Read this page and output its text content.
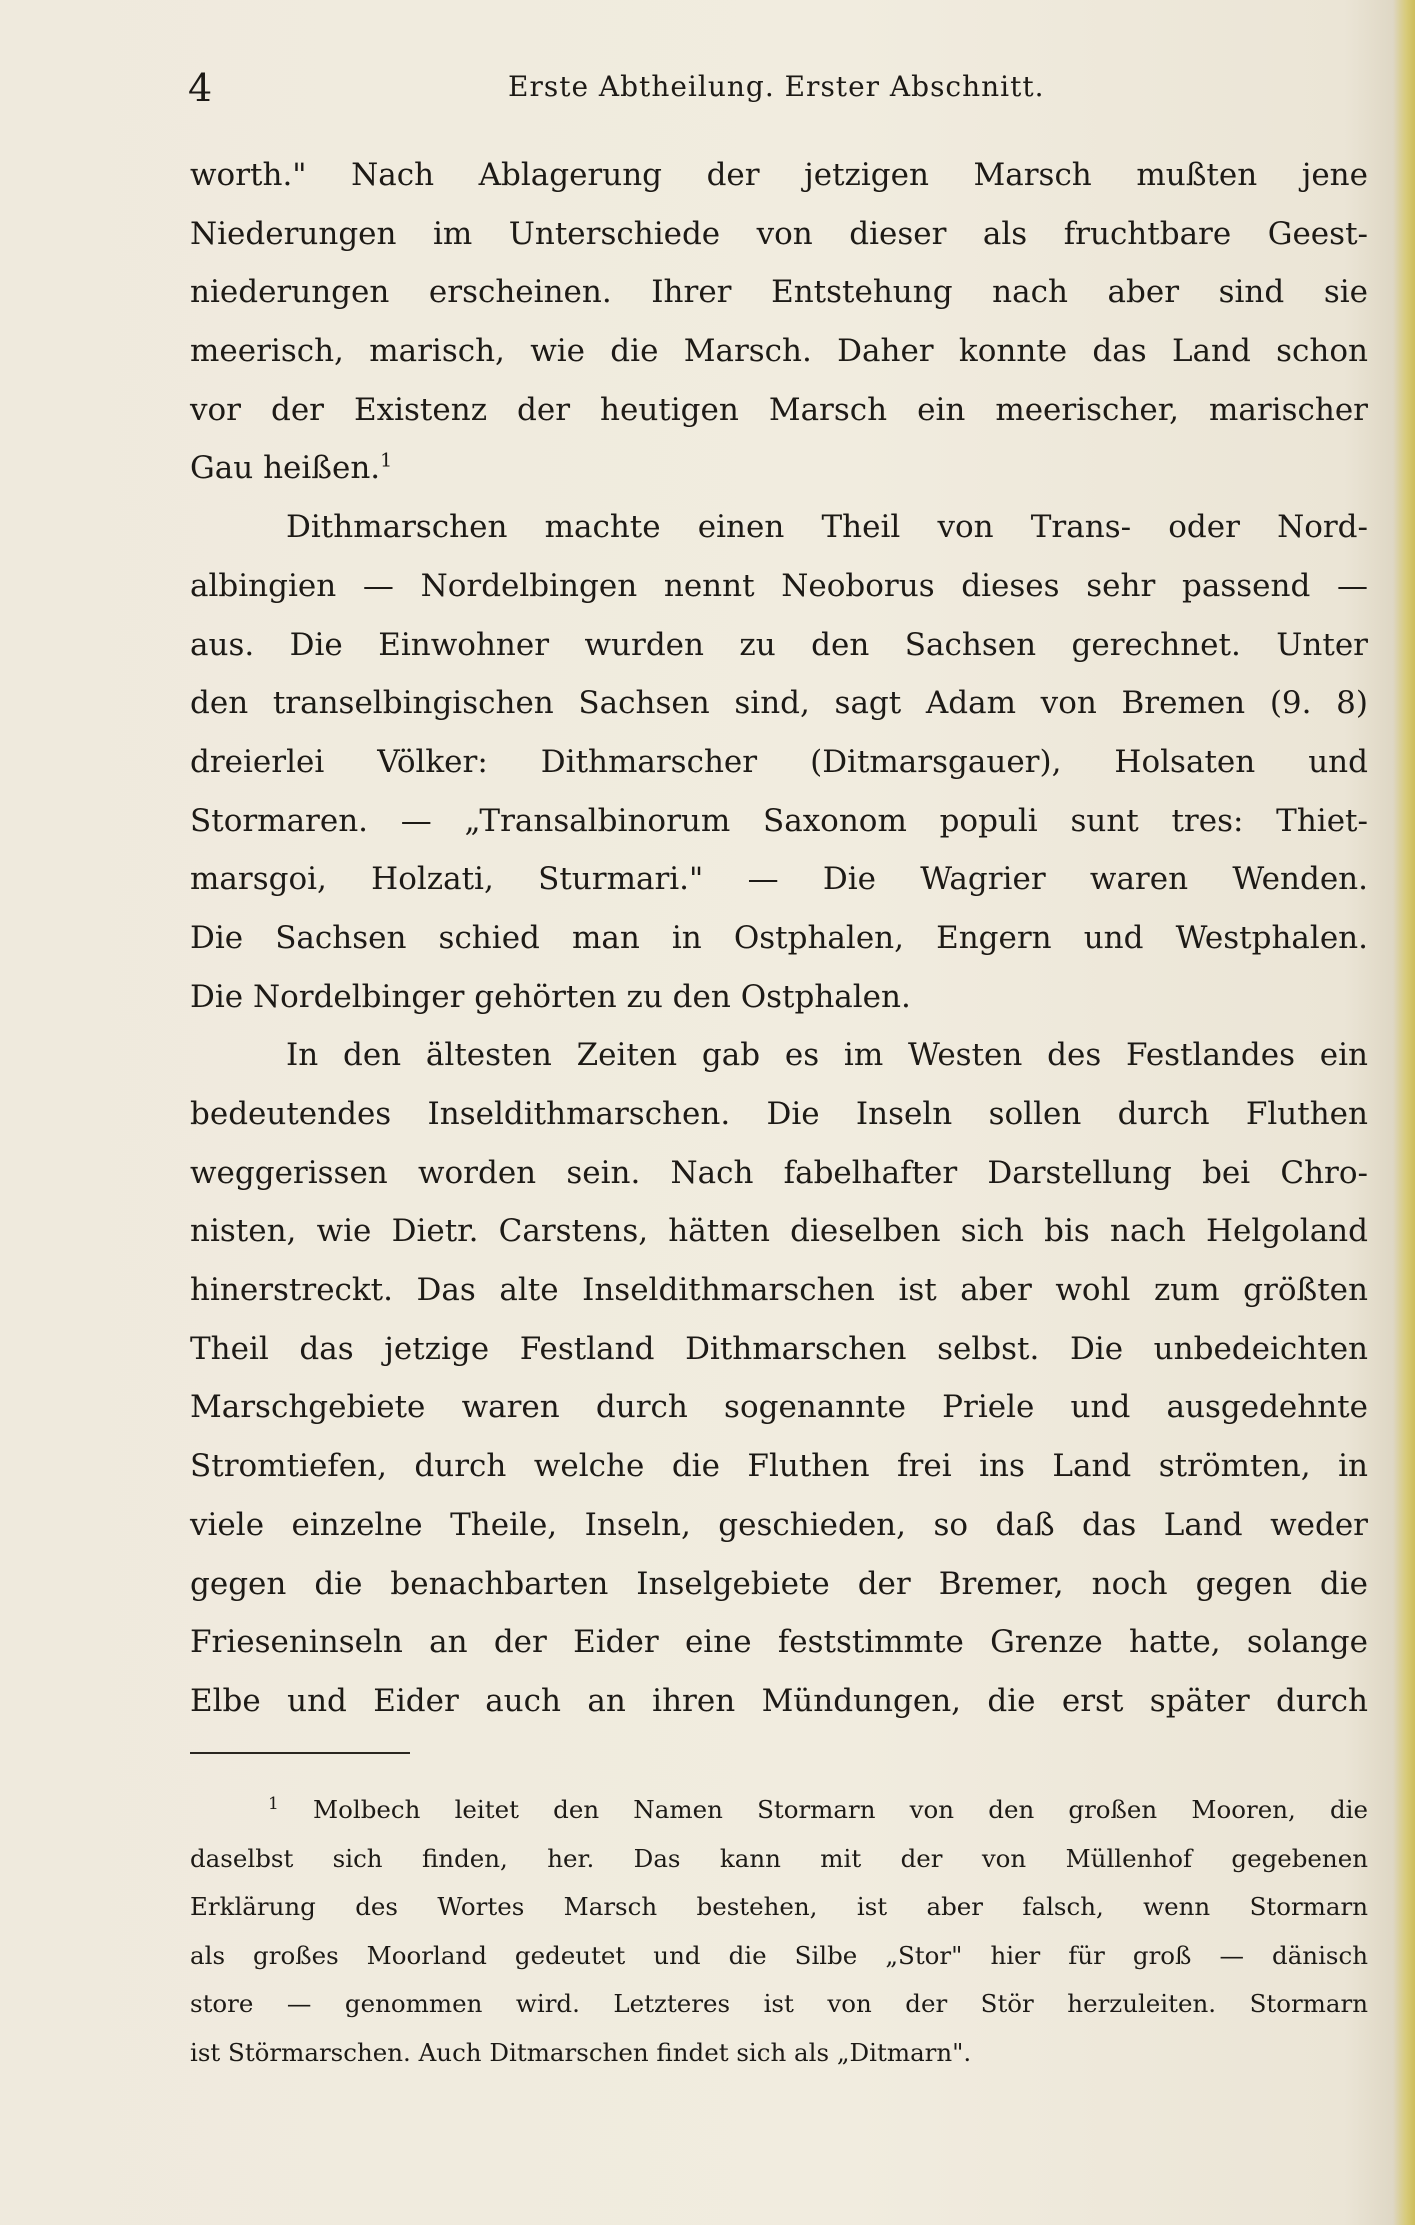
4	Erste Abtheilung. Erster Abschnitt.
worth." Nach Ablagerung der jetzigen Marsch mußten jene
Niederungen im Unterschiede von dieser als fruchtbare Geest-
niederungen erscheinen. Ihrer Entstehung nach aber sind sie
meerisch, marisch, wie die Marsch. Daher konnte das Land schon
vor der Existenz der heutigen Marsch ein meerischer, marischer
Gau heißen.$^1$
Dithmarschen machte einen Theil von Trans- oder Nord-
albingien — Nordelbingen nennt Neoborus dieses sehr passend —
aus. Die Einwohner wurden zu den Sachsen gerechnet. Unter
den transelbingischen Sachsen sind, sagt Adam von Bremen (9. 8)
dreierlei Völker: Dithmarscher (Ditmarsgauer), Holsaten und
Stormaren. — „Transalbinorum Saxonom populi sunt tres: Thiet-
marsgoi, Holzati, Sturmari." — Die Wagrier waren Wenden.
Die Sachsen schied man in Ostphalen, Engern und Westphalen.
Die Nordelbinger gehörten zu den Ostphalen.
In den ältesten Zeiten gab es im Westen des Festlandes ein
bedeutendes Inseldithmarschen. Die Inseln sollen durch Fluthen
weggerissen worden sein. Nach fabelhafter Darstellung bei Chro-
nisten, wie Dietr. Carstens, hätten dieselben sich bis nach Helgoland
hinerstreckt. Das alte Inseldithmarschen ist aber wohl zum größten
Theil das jetzige Festland Dithmarschen selbst. Die unbedeichten
Marschgebiete waren durch sogenannte Priele und ausgedehnte
Stromtiefen, durch welche die Fluthen frei ins Land strömten, in
viele einzelne Theile, Inseln, geschieden, so daß das Land weder
gegen die benachbarten Inselgebiete der Bremer, noch gegen die
Frieseninseln an der Eider eine feststimmte Grenze hatte, solange
Elbe und Eider auch an ihren Mündungen, die erst später durch
$^1$ Molbech leitet den Namen Stormarn von den großen Mooren, die
daselbst sich finden, her. Das kann mit der von Müllenhof gegebenen
Erklärung des Wortes Marsch bestehen, ist aber falsch, wenn Stormarn
als großes Moorland gedeutet und die Silbe „Stor" hier für groß — dänisch
store — genommen wird. Letzteres ist von der Stör herzuleiten. Stormarn
ist Störmarschen. Auch Ditmarschen findet sich als „Ditmarn".
